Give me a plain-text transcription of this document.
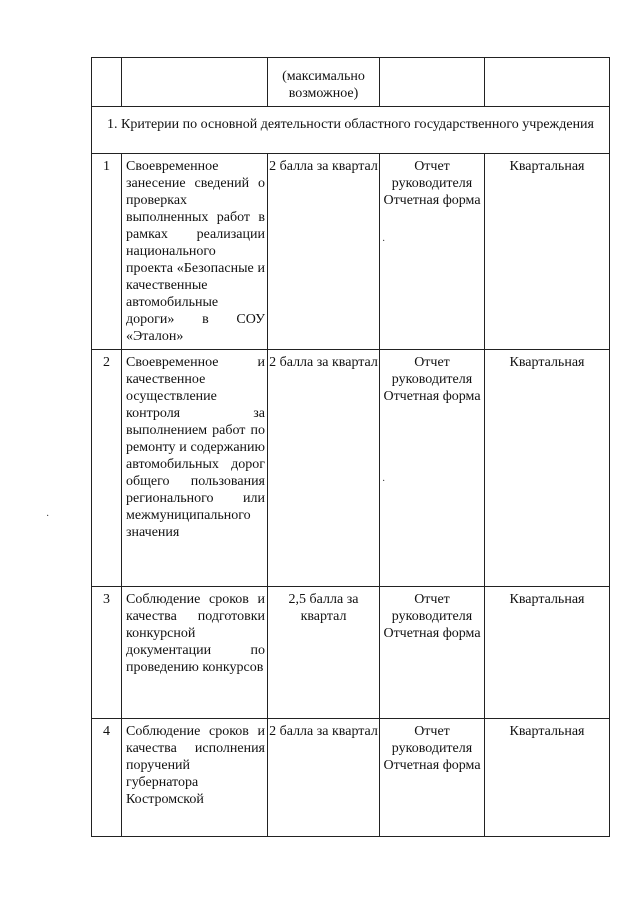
		(максимально возможное)		
1. Критерии по основной деятельности областного государственного учреждения				
1	Своевременное занесение сведений о проверках выполненных работ в рамках реализации национального проекта «Безопасные и качественные автомобильные дороги» в СОУ «Эталон»	2 балла за квартал	Отчет руководителя Отчетная форма	Квартальная
2	Своевременное и качественное осуществление контроля за выполнением работ по ремонту и содержанию автомобильных дорог общего пользования регионального или межмуниципального значения	2 балла за квартал	Отчет руководителя Отчетная форма	Квартальная
3	Соблюдение сроков и качества подготовки конкурсной документации по проведению конкурсов	2,5 балла за квартал	Отчет руководителя Отчетная форма	Квартальная
4	Соблюдение сроков и качества исполнения поручений губернатора Костромской	2 балла за квартал	Отчет руководителя Отчетная форма	Квартальная
·
·
·
